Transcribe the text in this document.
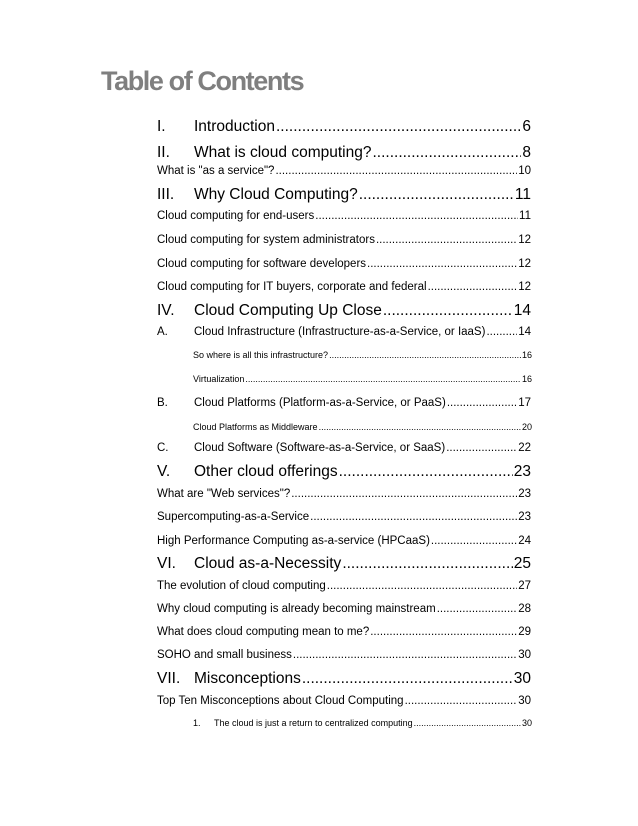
Table of Contents
I.	Introduction .....	6
II.	What is cloud computing? .....	8
What is "as a service"? .....	10
III.	Why Cloud Computing? .....	11
Cloud computing for end-users .....	11
Cloud computing for system administrators .....	12
Cloud computing for software developers .....	12
Cloud computing for IT buyers, corporate and federal .....	12
IV.	Cloud Computing Up Close .....	14
A.	Cloud Infrastructure (Infrastructure-as-a-Service, or IaaS) .....	14
So where is all this infrastructure? .....	16
Virtualization .....	16
B.	Cloud Platforms (Platform-as-a-Service, or PaaS) .....	17
Cloud Platforms as Middleware .....	20
C.	Cloud Software (Software-as-a-Service, or SaaS) .....	22
V.	Other cloud offerings .....	23
What are "Web services"? .....	23
Supercomputing-as-a-Service .....	23
High Performance Computing as-a-service (HPCaaS) .....	24
VI.	Cloud as-a-Necessity .....	25
The evolution of cloud computing .....	27
Why cloud computing is already becoming mainstream .....	28
What does cloud computing mean to me? .....	29
SOHO and small business .....	30
VII. Misconceptions .....	30
Top Ten Misconceptions about Cloud Computing .....	30
1.	The cloud is just a return to centralized computing .....	30
